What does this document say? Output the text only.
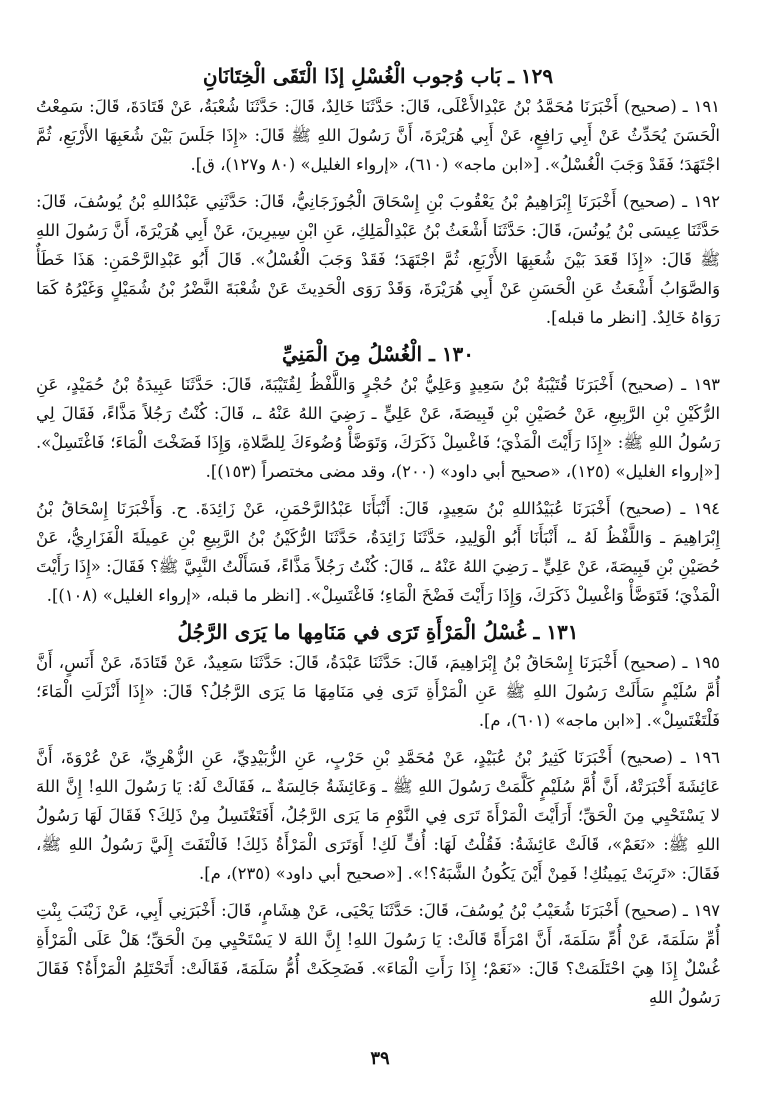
١٢٩ ـ بَاب وُجوب الْغُسْلِ إذَا الْتَقَى الْخِتَانَانِ

١٩١ ـ (صحيح) أَخْبَرَنَا مُحَمَّدُ بْنُ عَبْدِالأَعْلَى، قَالَ: حَدَّثَنَا خَالِدٌ، قَالَ: حَدَّثَنَا شُعْبَةُ، عَنْ قَتَادَةَ، قَالَ: سَمِعْتُ الْحَسَنَ يُحَدِّثُ عَنْ أَبِي رَافِعٍ، عَنْ أَبِي هُرَيْرَةَ، أَنَّ رَسُولَ اللهِ ﷺ قَالَ: «إِذَا جَلَسَ بَيْنَ شُعَبِهَا الأَرْبَعِ، ثُمَّ اجْتَهَدَ؛ فَقَدْ وَجَبَ الْغُسْلُ». [«ابن ماجه» (٦١٠)، «إرواء الغليل» (٨٠ و١٢٧)، ق].

١٩٢ ـ (صحيح) أَخْبَرَنَا إِبْرَاهِيمُ بْنُ يَعْقُوبَ بْنِ إِسْحَاقَ الْجُوزَجَانِيُّ، قَالَ: حَدَّثَنِي عَبْدُاللهِ بْنُ يُوسُفَ، قَالَ: حَدَّثَنَا عِيسَى بْنُ يُونُسَ، قَالَ: حَدَّثَنَا أَشْعَثُ بْنُ عَبْدِالْمَلِكِ، عَنِ ابْنِ سِيرِينَ، عَنْ أَبِي هُرَيْرَةَ، أَنَّ رَسُولَ اللهِ ﷺ قَالَ: «إِذَا قَعَدَ بَيْنَ شُعَبِهَا الأَرْبَعِ، ثُمَّ اجْتَهَدَ؛ فَقَدْ وَجَبَ الْغُسْلُ». قَالَ أَبُو عَبْدِالرَّحْمَنِ: هَذَا خَطَأٌ وَالصَّوَابُ أَشْعَثُ عَنِ الْحَسَنِ عَنْ أَبِي هُرَيْرَةَ، وَقَدْ رَوَى الْحَدِيثَ عَنْ شُعْبَةَ النَّضْرُ بْنُ شُمَيْلٍ وَغَيْرُهُ كَمَا رَوَاهُ خَالِدٌ. [انظر ما قبله].

١٣٠ ـ الْغُسْلُ مِنَ الْمَنِيِّ

١٩٣ ـ (صحيح) أَخْبَرَنَا قُتَيْبَةُ بْنُ سَعِيدٍ وَعَلِيُّ بْنُ حُجْرٍ وَاللَّفْظُ لِقُتَيْبَةَ، قَالَ: حَدَّثَنَا عَبِيدَةُ بْنُ حُمَيْدٍ، عَنِ الرُّكَيْنِ بْنِ الرَّبِيعِ، عَنْ حُصَيْنِ بْنِ قَبِيصَةَ، عَنْ عَلِيٍّ ـ رَضِيَ اللهُ عَنْهُ ـ، قَالَ: كُنْتُ رَجُلاً مَذَّاءً، فَقَالَ لِي رَسُولُ اللهِ ﷺ: «إِذَا رَأَيْتَ الْمَذْيَ؛ فَاغْسِلْ ذَكَرَكَ، وَتَوَضَّأْ وُضُوءَكَ لِلصَّلاةِ، وَإِذَا فَضَخْتَ الْمَاءَ؛ فَاغْتَسِلْ». [«إرواء الغليل» (١٢٥)، «صحيح أبي داود» (٢٠٠)، وقد مضى مختصراً (١٥٣)].

١٩٤ ـ (صحيح) أَخْبَرَنَا عُبَيْدُاللهِ بْنُ سَعِيدٍ، قَالَ: أَنْبَأَنَا عَبْدُالرَّحْمَنِ، عَنْ زَائِدَةَ. ح. وَأَخْبَرَنَا إِسْحَاقُ بْنُ إِبْرَاهِيمَ ـ وَاللَّفْظُ لَهُ ـ، أَنْبَأَنَا أَبُو الْوَلِيدِ، حَدَّثَنَا زَائِدَةُ، حَدَّثَنَا الرُّكَيْنُ بْنُ الرَّبِيعِ بْنِ عَمِيلَةَ الْفَزَارِيُّ، عَنْ حُصَيْنِ بْنِ قَبِيصَةَ، عَنْ عَلِيٍّ ـ رَضِيَ اللهُ عَنْهُ ـ، قَالَ: كُنْتُ رَجُلاً مَذَّاءً، فَسَأَلْتُ النَّبِيَّ ﷺ؟ فَقَالَ: «إِذَا رَأَيْتَ الْمَذْيَ؛ فَتَوَضَّأْ وَاغْسِلْ ذَكَرَكَ، وَإِذَا رَأَيْتَ فَضْخَ الْمَاءِ؛ فَاغْتَسِلْ». [انظر ما قبله، «إرواء الغليل» (١٠٨)].

١٣١ ـ غُسْلُ الْمَرْأَةِ تَرَى في مَنَامِها ما يَرَى الرَّجُلُ

١٩٥ ـ (صحيح) أَخْبَرَنَا إِسْحَاقُ بْنُ إِبْرَاهِيمَ، قَالَ: حَدَّثَنَا عَبْدَةُ، قَالَ: حَدَّثَنَا سَعِيدٌ، عَنْ قَتَادَةَ، عَنْ أَنَسٍ، أَنَّ أُمَّ سُلَيْمٍ سَأَلَتْ رَسُولَ اللهِ ﷺ عَنِ الْمَرْأَةِ تَرَى فِي مَنَامِهَا مَا يَرَى الرَّجُلُ؟ قَالَ: «إِذَا أَنْزَلَتِ الْمَاءَ؛ فَلْتَغْتَسِلْ». [«ابن ماجه» (٦٠١)، م].

١٩٦ ـ (صحيح) أَخْبَرَنَا كَثِيرُ بْنُ عُبَيْدٍ، عَنْ مُحَمَّدِ بْنِ حَرْبٍ، عَنِ الزُّبَيْدِيِّ، عَنِ الزُّهْرِيِّ، عَنْ عُرْوَةَ، أَنَّ عَائِشَةَ أَخْبَرَتْهُ، أَنَّ أُمَّ سُلَيْمٍ كَلَّمَتْ رَسُولَ اللهِ ﷺ ـ وَعَائِشَةُ جَالِسَةٌ ـ، فَقَالَتْ لَهُ: يَا رَسُولَ اللهِ! إِنَّ اللهَ لا يَسْتَحْيِي مِنَ الْحَقِّ؛ أَرَأَيْتَ الْمَرْأَةَ تَرَى فِي النَّوْمِ مَا يَرَى الرَّجُلُ، أَفَتَغْتَسِلُ مِنْ ذَلِكَ؟ فَقَالَ لَهَا رَسُولُ اللهِ ﷺ: «نَعَمْ»، قَالَتْ عَائِشَةُ: فَقُلْتُ لَهَا: أُفٍّ لَكِ! أَوَتَرَى الْمَرْأَةُ ذَلِكَ! فَالْتَفَتَ إِلَيَّ رَسُولُ اللهِ ﷺ، فَقَالَ: «تَرِبَتْ يَمِينُكِ! فَمِنْ أَيْنَ يَكُونُ الشَّبَهُ؟!». [«صحيح أبي داود» (٢٣٥)، م].

١٩٧ ـ (صحيح) أَخْبَرَنَا شُعَيْبُ بْنُ يُوسُفَ، قَالَ: حَدَّثَنَا يَحْيَى، عَنْ هِشَامٍ، قَالَ: أَخْبَرَنِي أَبِي، عَنْ زَيْنَبَ بِنْتِ أُمِّ سَلَمَةَ، عَنْ أُمِّ سَلَمَةَ، أَنَّ امْرَأَةً قَالَتْ: يَا رَسُولَ اللهِ! إِنَّ اللهَ لا يَسْتَحْيِي مِنَ الْحَقِّ؛ هَلْ عَلَى الْمَرْأَةِ غُسْلٌ إِذَا هِيَ احْتَلَمَتْ؟ قَالَ: «نَعَمْ؛ إِذَا رَأَتِ الْمَاءَ». فَضَحِكَتْ أُمُّ سَلَمَةَ، فَقَالَتْ: أَتَحْتَلِمُ الْمَرْأَةُ؟ فَقَالَ رَسُولُ اللهِ

٣٩
